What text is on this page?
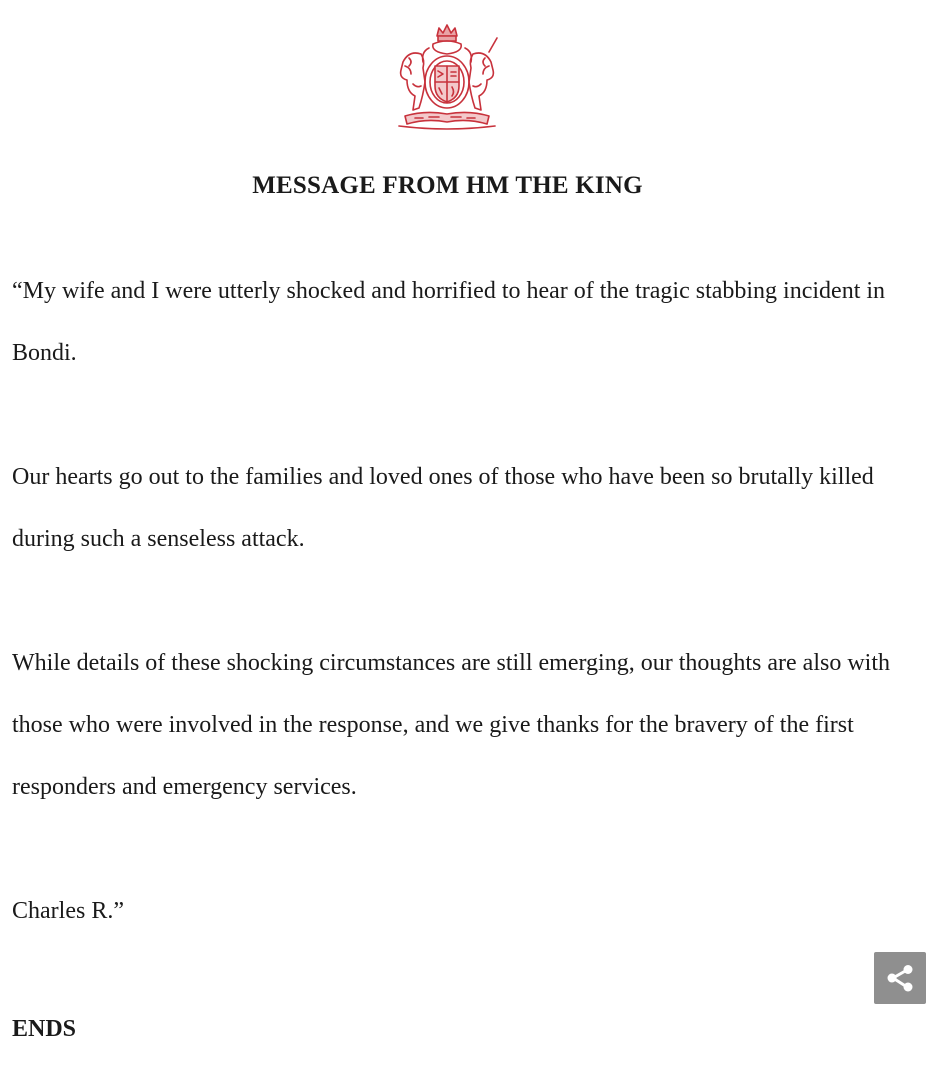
MESSAGE FROM HM THE KING

“My wife and I were utterly shocked and horrified to hear of the tragic stabbing incident in Bondi.

Our hearts go out to the families and loved ones of those who have been so brutally killed during such a senseless attack.

While details of these shocking circumstances are still emerging, our thoughts are also with those who were involved in the response, and we give thanks for the bravery of the first responders and emergency services.

Charles R.”

ENDS
